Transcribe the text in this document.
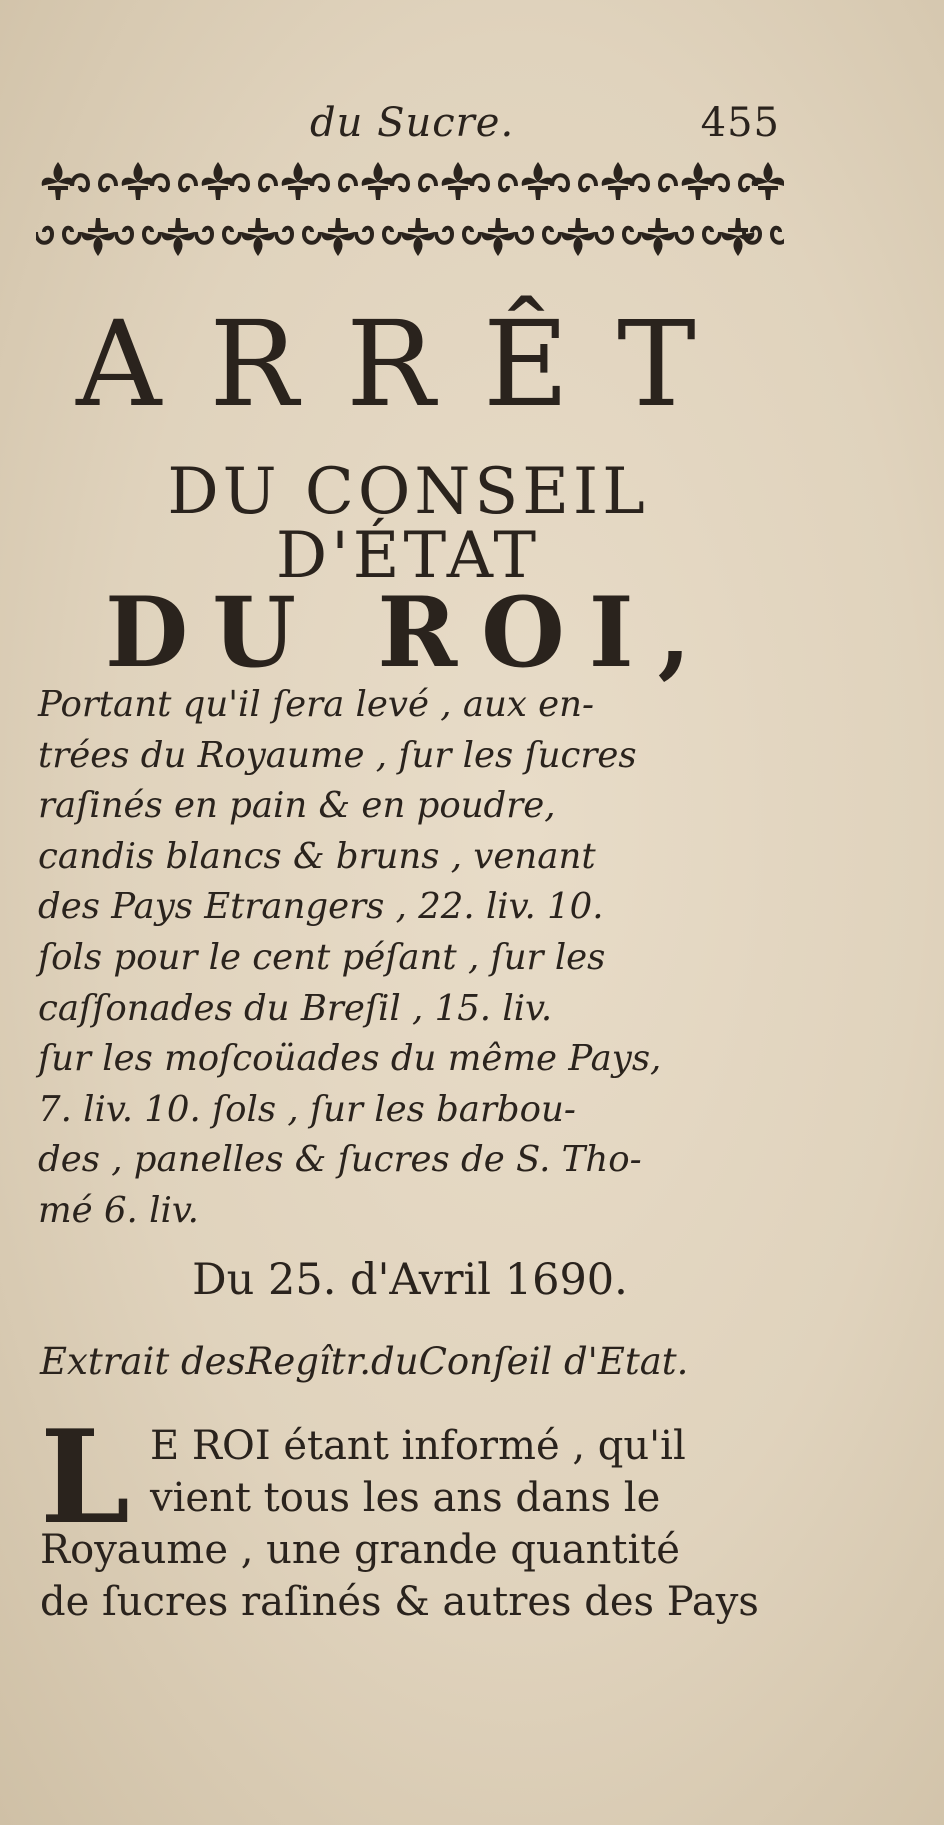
du Sucre.	455
ARRÊT
DU CONSEIL D'ÉTAT
DU ROI,
Portant qu'il ſera levé , aux en-
trées du Royaume , ſur les ſucres
raſinés en pain & en poudre,
candis blancs & bruns , venant
des Pays Etrangers , 22. liv. 10.
ſols pour le cent péſant , ſur les
caſſonades du Breſil , 15. liv.
ſur les moſcoüades du même Pays,
7. liv. 10. ſols , ſur les barbou-
des , panelles & ſucres de S. Tho-
mé 6. liv.
Du 25. d'Avril 1690.
Extrait desRegîtr.duConſeil d'Etat.
L E ROI étant informé , qu'il
vient tous les ans dans le
Royaume , une grande quantité
de ſucres raſinés & autres des Pays
